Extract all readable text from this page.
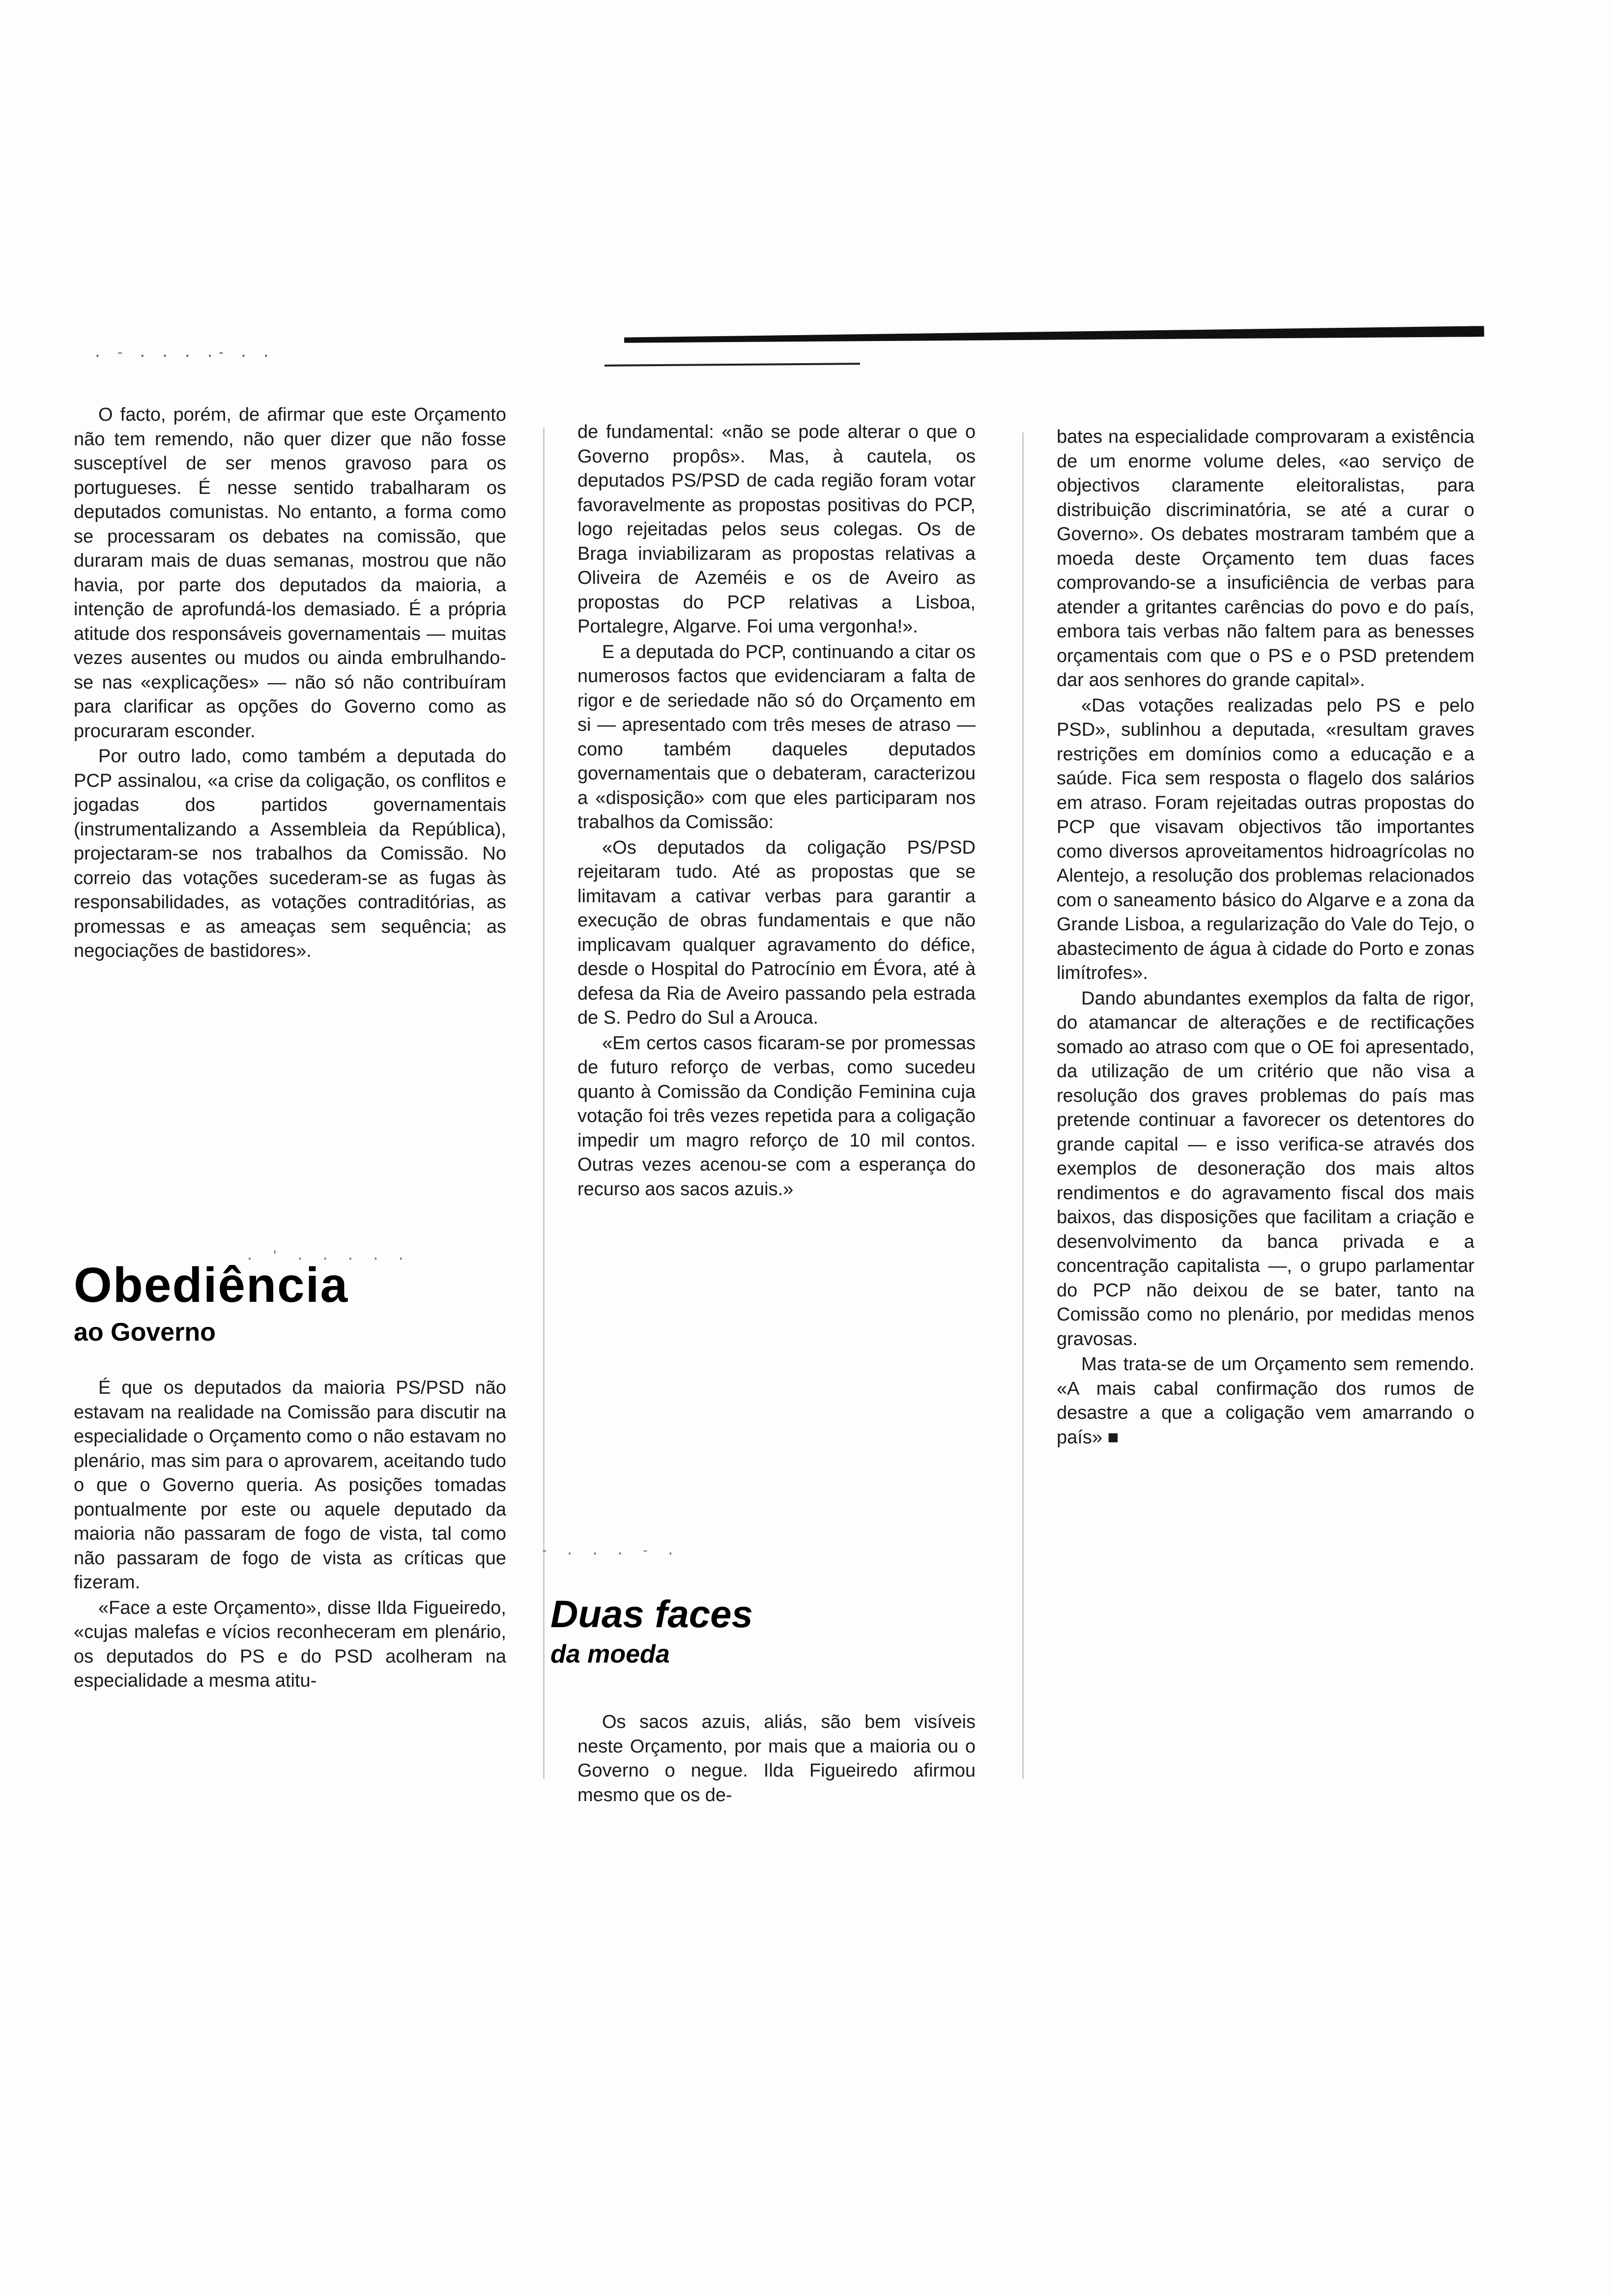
. - . . . .- . .

O facto, porém, de afirmar que este Orçamento não tem remendo, não quer dizer que não fosse susceptível de ser menos gravoso para os portugueses. É nesse sentido trabalharam os deputados comunistas. No entanto, a forma como se processaram os debates na comissão, que duraram mais de duas semanas, mostrou que não havia, por parte dos deputados da maioria, a intenção de aprofundá-los demasiado. É a própria atitude dos responsáveis governamentais — muitas vezes ausentes ou mudos ou ainda embrulhando-se nas «explicações» — não só não contribuíram para clarificar as opções do Governo como as procuraram esconder.

Por outro lado, como também a deputada do PCP assinalou, «a crise da coligação, os conflitos e jogadas dos partidos governamentais (instrumentalizando a Assembleia da República), projectaram-se nos trabalhos da Comissão. No correio das votações sucederam-se as fugas às responsabilidades, as votações contraditórias, as promessas e as ameaças sem sequência; as negociações de bastidores».

Obediência
ao Governo
. ' . . . . .

É que os deputados da maioria PS/PSD não estavam na realidade na Comissão para discutir na especialidade o Orçamento como o não estavam no plenário, mas sim para o aprovarem, aceitando tudo o que o Governo queria. As posições tomadas pontualmente por este ou aquele deputado da maioria não passaram de fogo de vista, tal como não passaram de fogo de vista as críticas que fizeram.

«Face a este Orçamento», disse Ilda Figueiredo, «cujas malefas e vícios reconheceram em plenário, os deputados do PS e do PSD acolheram na especialidade a mesma atitu-

de fundamental: «não se pode alterar o que o Governo propôs». Mas, à cautela, os deputados PS/PSD de cada região foram votar favoravelmente as propostas positivas do PCP, logo rejeitadas pelos seus colegas. Os de Braga inviabilizaram as propostas relativas a Oliveira de Azeméis e os de Aveiro as propostas do PCP relativas a Lisboa, Portalegre, Algarve. Foi uma vergonha!».

E a deputada do PCP, continuando a citar os numerosos factos que evidenciaram a falta de rigor e de seriedade não só do Orçamento em si — apresentado com três meses de atraso — como também daqueles deputados governamentais que o debateram, caracterizou a «disposição» com que eles participaram nos trabalhos da Comissão:

«Os deputados da coligação PS/PSD rejeitaram tudo. Até as propostas que se limitavam a cativar verbas para garantir a execução de obras fundamentais e que não implicavam qualquer agravamento do défice, desde o Hospital do Patrocínio em Évora, até à defesa da Ria de Aveiro passando pela estrada de S. Pedro do Sul a Arouca.

«Em certos casos ficaram-se por promessas de futuro reforço de verbas, como sucedeu quanto à Comissão da Condição Feminina cuja votação foi três vezes repetida para a coligação impedir um magro reforço de 10 mil contos. Outras vezes acenou-se com a esperança do recurso aos sacos azuis.»

Duas faces
da moeda
- . . . - .

Os sacos azuis, aliás, são bem visíveis neste Orçamento, por mais que a maioria ou o Governo o negue. Ilda Figueiredo afirmou mesmo que os de-

bates na especialidade comprovaram a existência de um enorme volume deles, «ao serviço de objectivos claramente eleitoralistas, para distribuição discriminatória, se até a curar o Governo». Os debates mostraram também que a moeda deste Orçamento tem duas faces comprovando-se a insuficiência de verbas para atender a gritantes carências do povo e do país, embora tais verbas não faltem para as benesses orçamentais com que o PS e o PSD pretendem dar aos senhores do grande capital».

«Das votações realizadas pelo PS e pelo PSD», sublinhou a deputada, «resultam graves restrições em domínios como a educação e a saúde. Fica sem resposta o flagelo dos salários em atraso. Foram rejeitadas outras propostas do PCP que visavam objectivos tão importantes como diversos aproveitamentos hidroagrícolas no Alentejo, a resolução dos problemas relacionados com o saneamento básico do Algarve e a zona da Grande Lisboa, a regularização do Vale do Tejo, o abastecimento de água à cidade do Porto e zonas limítrofes».

Dando abundantes exemplos da falta de rigor, do atamancar de alterações e de rectificações somado ao atraso com que o OE foi apresentado, da utilização de um critério que não visa a resolução dos graves problemas do país mas pretende continuar a favorecer os detentores do grande capital — e isso verifica-se através dos exemplos de desoneração dos mais altos rendimentos e do agravamento fiscal dos mais baixos, das disposições que facilitam a criação e desenvolvimento da banca privada e a concentração capitalista —, o grupo parlamentar do PCP não deixou de se bater, tanto na Comissão como no plenário, por medidas menos gravosas.

Mas trata-se de um Orçamento sem remendo. «A mais cabal confirmação dos rumos de desastre a que a coligação vem amarrando o país» ■
